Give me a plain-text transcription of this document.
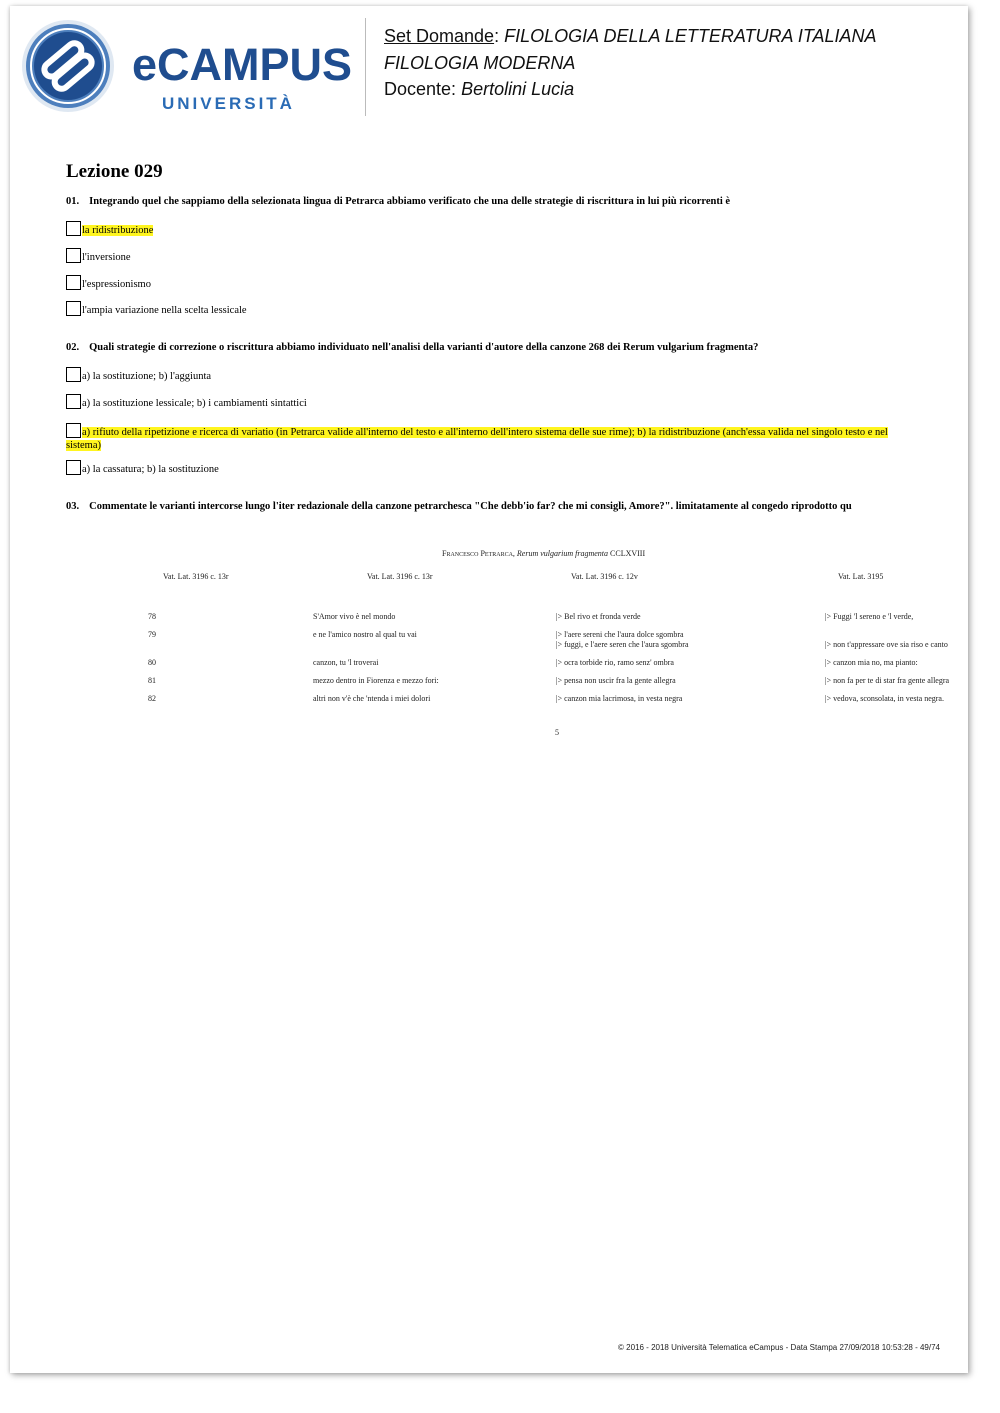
eCAMPUS
UNIVERSITÀ
Set Domande: FILOLOGIA DELLA LETTERATURA ITALIANA
FILOLOGIA MODERNA
Docente: Bertolini Lucia
Lezione 029
01. Integrando quel che sappiamo della selezionata lingua di Petrarca abbiamo verificato che una delle strategie di riscrittura in lui più ricorrenti è
la ridistribuzione
l'inversione
l'espressionismo
l'ampia variazione nella scelta lessicale
02. Quali strategie di correzione o riscrittura abbiamo individuato nell'analisi della varianti d'autore della canzone 268 dei Rerum vulgarium fragmenta?
a) la sostituzione; b) l'aggiunta
a) la sostituzione lessicale; b) i cambiamenti sintattici
a) rifiuto della ripetizione e ricerca di variatio (in Petrarca valide all'interno del testo e all'interno dell'intero sistema delle sue rime); b) la ridistribuzione (anch'essa valida nel singolo testo e nel sistema)
a) la cassatura; b) la sostituzione
03. Commentate le varianti intercorse lungo l'iter redazionale della canzone petrarchesca "Che debb'io far? che mi consigli, Amore?". limitatamente al congedo riprodotto qu
Francesco Petrarca, Rerum vulgarium fragmenta CCLXVIII
Vat. Lat. 3196 c. 13r	Vat. Lat. 3196 c. 13r	Vat. Lat. 3196 c. 12v	Vat. Lat. 3195
78	S'Amor vivo è nel mondo	|> Bel rivo et fronda verde	|> Fuggi 'l sereno e 'l verde,
79	e ne l'amico nostro al qual tu vai	|> l'aere sereni che l'aura dolce sgombra
|> fuggi, e l'aere seren che l'aura sgombra	|> non t'appressare ove sia riso e canto
80	canzon, tu 'l troverai	|> ocra torbide rio, ramo senz' ombra	|> canzon mia no, ma pianto:
81	mezzo dentro in Fiorenza e mezzo fori:	|> pensa non uscir fra la gente allegra	|> non fa per te di star fra gente allegra
82	altri non v'è che 'ntenda i miei dolori	|> canzon mia lacrimosa, in vesta negra	|> vedova, sconsolata, in vesta negra.
5
© 2016 - 2018 Università Telematica eCampus - Data Stampa 27/09/2018 10:53:28 - 49/74
